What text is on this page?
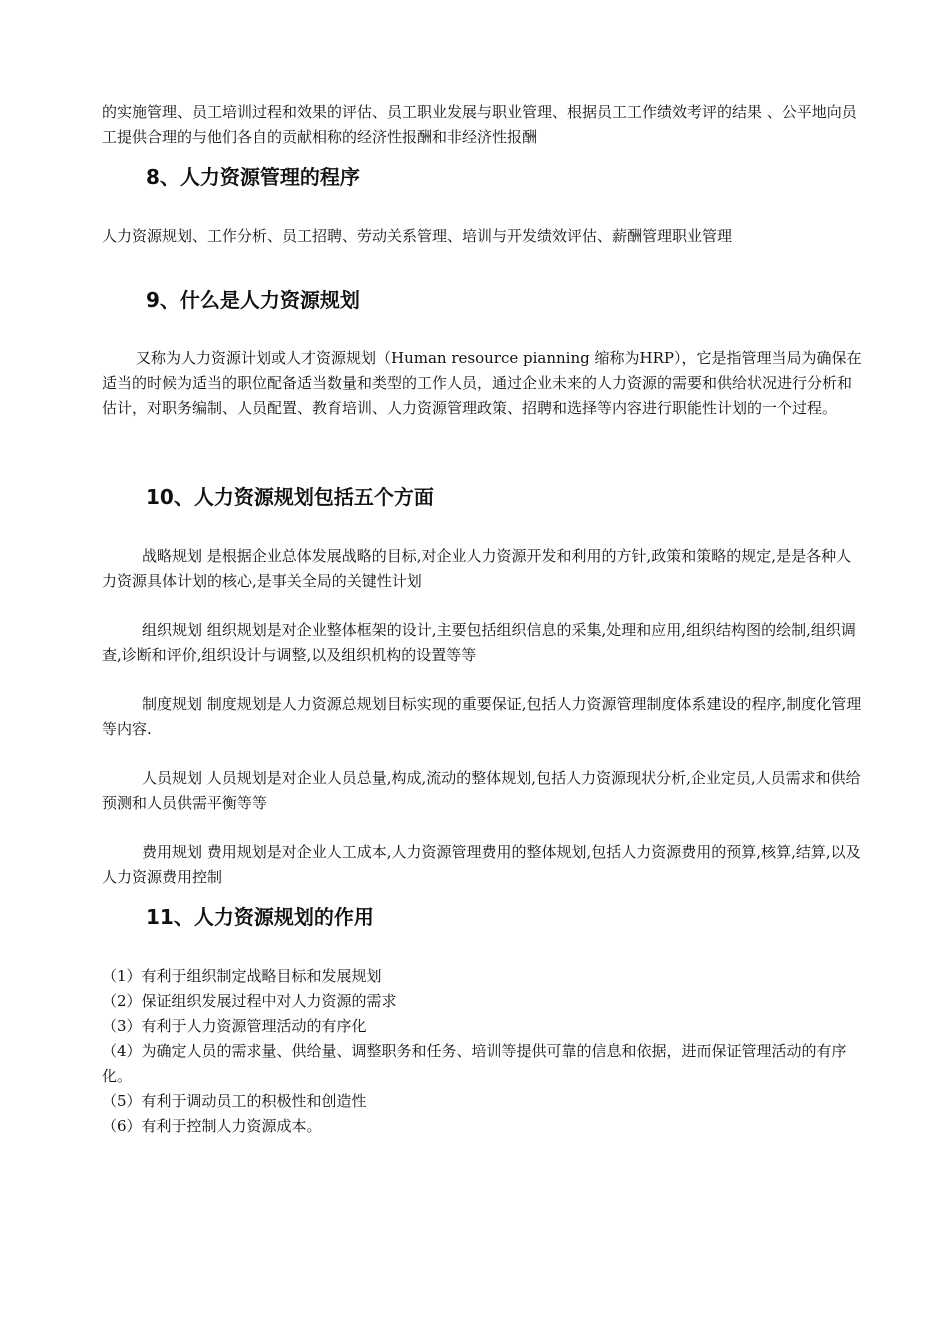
的实施管理、员工培训过程和效果的评估、员工职业发展与职业管理、根据员工工作绩效考评的结果 、公平地向员工提供合理的与他们各自的贡献相称的经济性报酬和非经济性报酬

8、人力资源管理的程序

人力资源规划、工作分析、员工招聘、劳动关系管理、培训与开发绩效评估、薪酬管理职业管理

9、什么是人力资源规划

又称为人力资源计划或人才资源规划（Human resource pianning 缩称为HRP），它是指管理当局为确保在适当的时候为适当的职位配备适当数量和类型的工作人员，通过企业未来的人力资源的需要和供给状况进行分析和估计，对职务编制、人员配置、教育培训、人力资源管理政策、招聘和选择等内容进行职能性计划的一个过程。

10、人力资源规划包括五个方面

战略规划 是根据企业总体发展战略的目标,对企业人力资源开发和利用的方针,政策和策略的规定,是是各种人力资源具体计划的核心,是事关全局的关键性计划

组织规划 组织规划是对企业整体框架的设计,主要包括组织信息的采集,处理和应用,组织结构图的绘制,组织调查,诊断和评价,组织设计与调整,以及组织机构的设置等等

制度规划 制度规划是人力资源总规划目标实现的重要保证,包括人力资源管理制度体系建设的程序,制度化管理等内容.

人员规划 人员规划是对企业人员总量,构成,流动的整体规划,包括人力资源现状分析,企业定员,人员需求和供给预测和人员供需平衡等等

费用规划 费用规划是对企业人工成本,人力资源管理费用的整体规划,包括人力资源费用的预算,核算,结算,以及人力资源费用控制

11、人力资源规划的作用
（1）有利于组织制定战略目标和发展规划
（2）保证组织发展过程中对人力资源的需求
（3）有利于人力资源管理活动的有序化
（4）为确定人员的需求量、供给量、调整职务和任务、培训等提供可靠的信息和依据，进而保证管理活动的有序化。
（5）有利于调动员工的积极性和创造性
（6）有利于控制人力资源成本。
